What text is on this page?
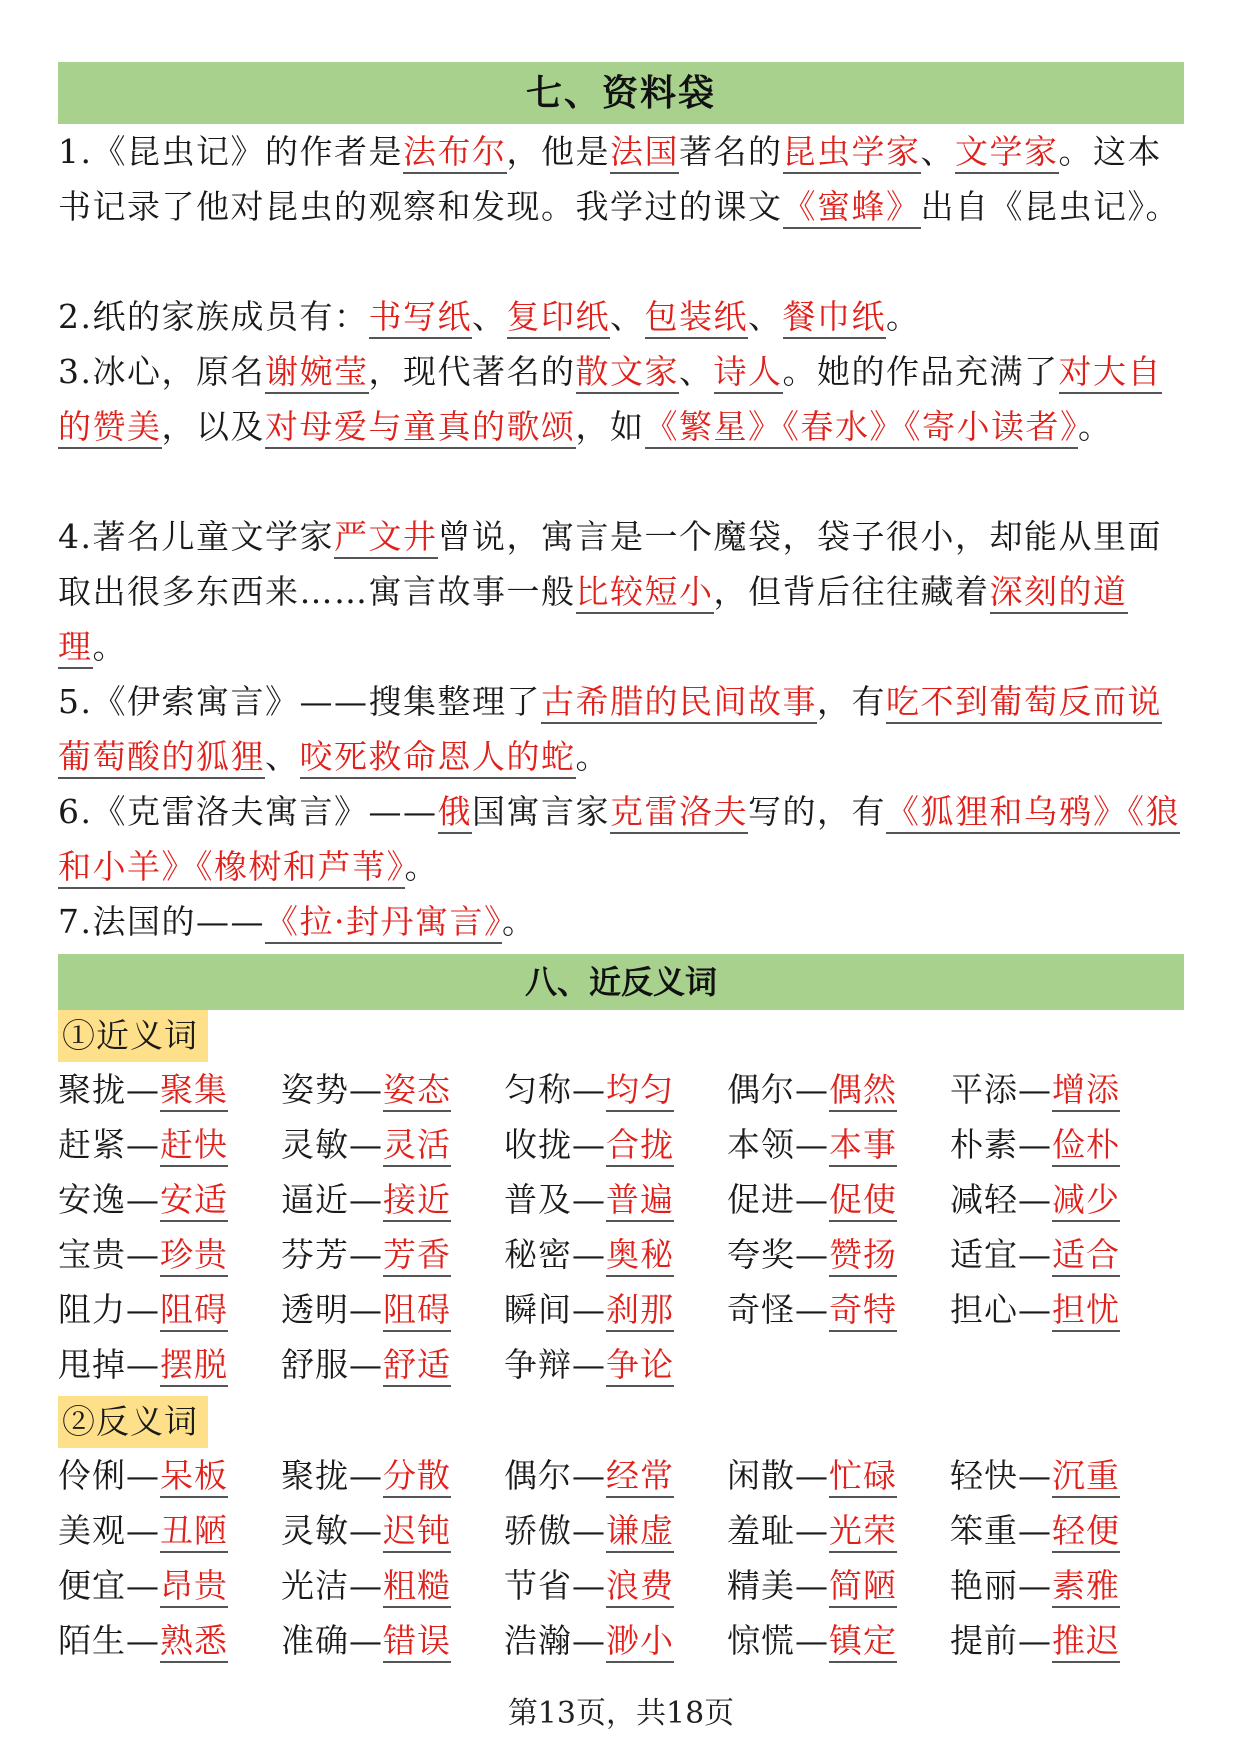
七、资料袋

1.《昆虫记》的作者是法布尔，他是法国著名的昆虫学家、文学家。这本书记录了他对昆虫的观察和发现。我学过的课文《蜜蜂》出自《昆虫记》。

2.纸的家族成员有：书写纸、复印纸、包装纸、餐巾纸。

3.冰心，原名谢婉莹，现代著名的散文家、诗人。她的作品充满了对大自的赞美，以及对母爱与童真的歌颂，如《繁星》《春水》《寄小读者》。

4.著名儿童文学家严文井曾说，寓言是一个魔袋，袋子很小，却能从里面取出很多东西来……寓言故事一般比较短小，但背后往往藏着深刻的道理。

5.《伊索寓言》——搜集整理了古希腊的民间故事，有吃不到葡萄反而说葡萄酸的狐狸、咬死救命恩人的蛇。

6.《克雷洛夫寓言》——俄国寓言家克雷洛夫写的，有《狐狸和乌鸦》《狼和小羊》《橡树和芦苇》。

7.法国的——《拉·封丹寓言》。

八、近反义词
①近义词
聚拢—聚集	姿势—姿态	匀称—均匀	偶尔—偶然	平添—增添
赶紧—赶快	灵敏—灵活	收拢—合拢	本领—本事	朴素—俭朴
安逸—安适	逼近—接近	普及—普遍	促进—促使	减轻—减少
宝贵—珍贵	芬芳—芳香	秘密—奥秘	夸奖—赞扬	适宜—适合
阻力—阻碍	透明—阻碍	瞬间—刹那	奇怪—奇特	担心—担忧
甩掉—摆脱	舒服—舒适	争辩—争论
②反义词
伶俐—呆板	聚拢—分散	偶尔—经常	闲散—忙碌	轻快—沉重
美观—丑陋	灵敏—迟钝	骄傲—谦虚	羞耻—光荣	笨重—轻便
便宜—昂贵	光洁—粗糙	节省—浪费	精美—简陋	艳丽—素雅
陌生—熟悉	准确—错误	浩瀚—渺小	惊慌—镇定	提前—推迟
第13页，共18页
